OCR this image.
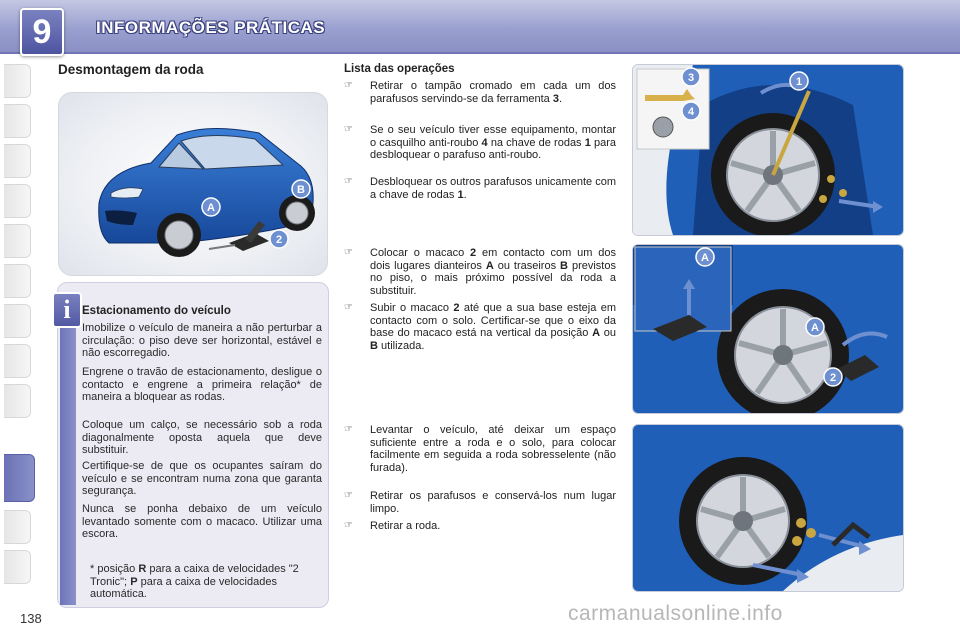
9	INFORMAÇÕES PRÁTICAS
Desmontagem da roda
A
B
2
i Estacionamento do veículo
Imobilize o veículo de maneira a não perturbar a circulação: o piso deve ser horizontal, estável e não escorregadio.
Engrene o travão de estacionamento, desligue o contacto e engrene a primeira relação* de maneira a bloquear as rodas.
Coloque um calço, se necessário sob a roda diagonalmente oposta aquela que deve substituir.
Certifique-se de que os ocupantes saíram do veículo e se encontram numa zona que garanta segurança.
Nunca se ponha debaixo de um veículo levantado somente com o macaco. Utilizar uma escora.
* posição R para a caixa de velocidades "2 Tronic"; P para a caixa de velocidades automática.
138
Lista das operações
☞	Retirar o tampão cromado em cada um dos parafusos servindo-se da ferramenta 3.
☞	Se o seu veículo tiver esse equipamento, montar o casquilho anti-roubo 4 na chave de rodas 1 para desbloquear o parafuso anti-roubo.
☞	Desbloquear os outros parafusos unicamente com a chave de rodas 1.
☞	Colocar o macaco 2 em contacto com um dos dois lugares dianteiros A ou traseiros B previstos no piso, o mais próximo possível da roda a substituir.
☞	Subir o macaco 2 até que a sua base esteja em contacto com o solo. Certificar-se que o eixo da base do macaco está na vertical da posição A ou B utilizada.
☞	Levantar o veículo, até deixar um espaço suficiente entre a roda e o solo, para colocar facilmente em seguida a roda sobresselente (não furada).
☞	Retirar os parafusos e conservá-los num lugar limpo.
☞	Retirar a roda.
3	1
4
A
A
2
carmanualsonline.info
